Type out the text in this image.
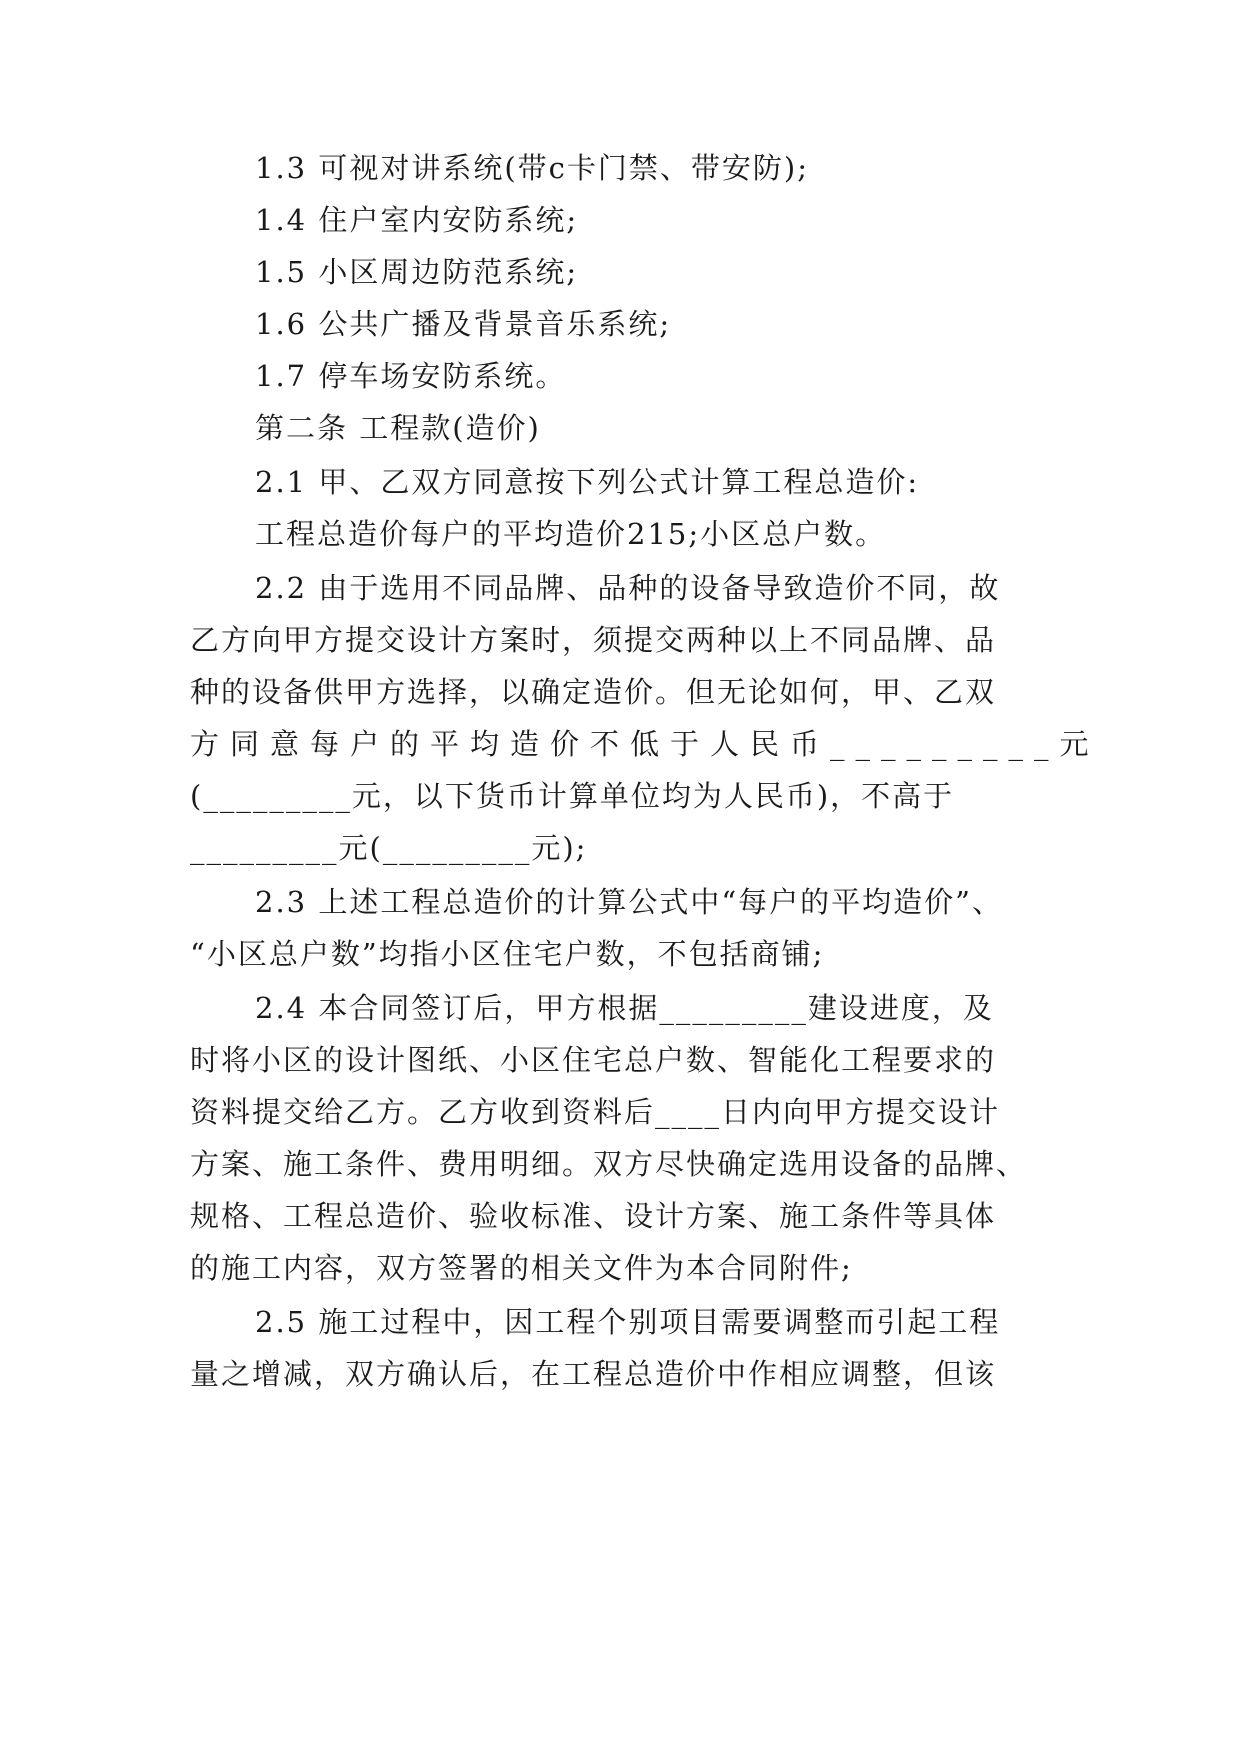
1.3 可视对讲系统(带c卡门禁、带安防);
1.4 住户室内安防系统;
1.5 小区周边防范系统;
1.6 公共广播及背景音乐系统;
1.7 停车场安防系统。
第二条 工程款(造价)
2.1 甲、乙双方同意按下列公式计算工程总造价:
工程总造价每户的平均造价215;小区总户数。
2.2 由于选用不同品牌、品种的设备导致造价不同，故
乙方向甲方提交设计方案时，须提交两种以上不同品牌、品
种的设备供甲方选择，以确定造价。但无论如何，甲、乙双
方同意每户的平均造价不低于人民币_________元
(_________元，以下货币计算单位均为人民币)，不高于
_________元(_________元);
2.3 上述工程总造价的计算公式中“每户的平均造价”、
“小区总户数”均指小区住宅户数，不包括商铺;
2.4 本合同签订后，甲方根据_________建设进度，及
时将小区的设计图纸、小区住宅总户数、智能化工程要求的
资料提交给乙方。乙方收到资料后____日内向甲方提交设计
方案、施工条件、费用明细。双方尽快确定选用设备的品牌、
规格、工程总造价、验收标准、设计方案、施工条件等具体
的施工内容，双方签署的相关文件为本合同附件;
2.5 施工过程中，因工程个别项目需要调整而引起工程
量之增减，双方确认后，在工程总造价中作相应调整，但该
